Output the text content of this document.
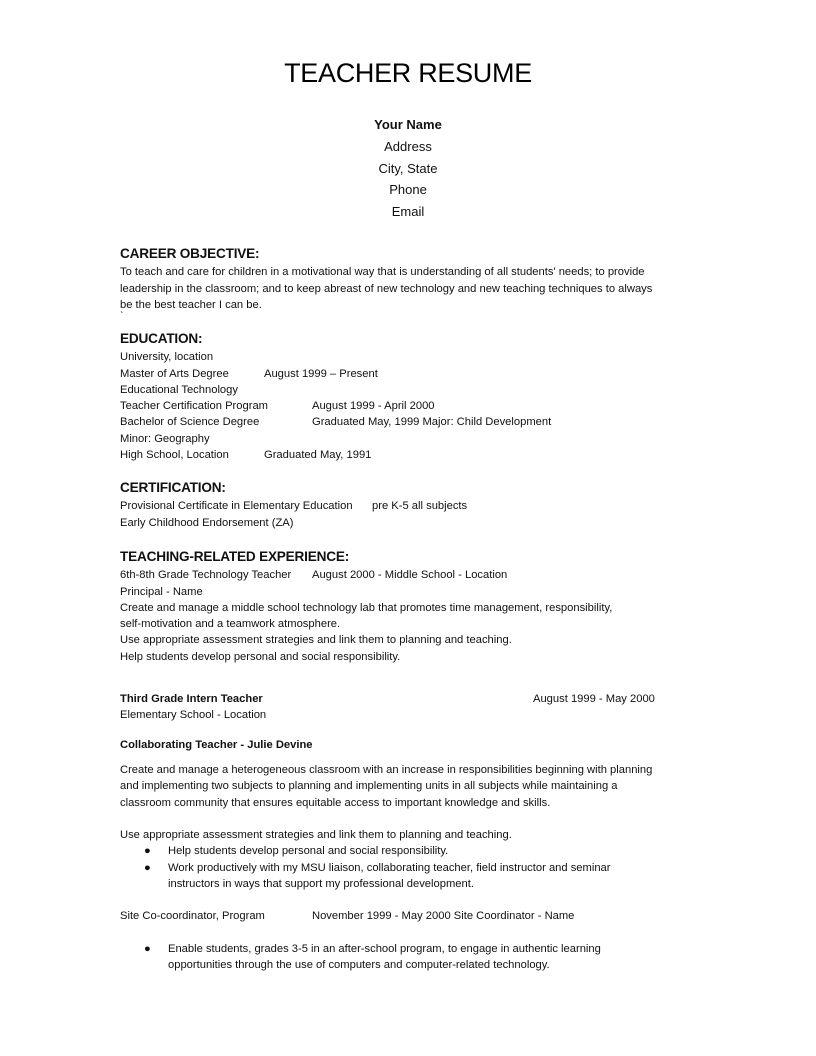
TEACHER RESUME
Your Name
Address
City, State
Phone
Email
CAREER OBJECTIVE:
To teach and care for children in a motivational way that is understanding of all students' needs; to provide
leadership in the classroom; and to keep abreast of new technology and new teaching techniques to always
be the best teacher I can be.
`
EDUCATION:
University, location
Master of Arts Degree	August 1999 – Present
Educational Technology
Teacher Certification Program	August 1999 - April 2000
Bachelor of Science Degree	Graduated May, 1999 Major: Child Development
Minor: Geography
High School, Location	Graduated May, 1991
CERTIFICATION:
Provisional Certificate in Elementary Education pre K-5 all subjects
Early Childhood Endorsement (ZA)
TEACHING-RELATED EXPERIENCE:
6th-8th Grade Technology Teacher August 2000 - Middle School - Location
Principal - Name
Create and manage a middle school technology lab that promotes time management, responsibility,
self-motivation and a teamwork atmosphere.
Use appropriate assessment strategies and link them to planning and teaching.
Help students develop personal and social responsibility.
Third Grade Intern Teacher	August 1999 - May 2000
Elementary School - Location
Collaborating Teacher - Julie Devine
Create and manage a heterogeneous classroom with an increase in responsibilities beginning with planning
and implementing two subjects to planning and implementing units in all subjects while maintaining a
classroom community that ensures equitable access to important knowledge and skills.
Use appropriate assessment strategies and link them to planning and teaching.
● Help students develop personal and social responsibility.
● Work productively with my MSU liaison, collaborating teacher, field instructor and seminar
instructors in ways that support my professional development.
Site Co-coordinator, Program	November 1999 - May 2000 Site Coordinator - Name
● Enable students, grades 3-5 in an after-school program, to engage in authentic learning
opportunities through the use of computers and computer-related technology.
